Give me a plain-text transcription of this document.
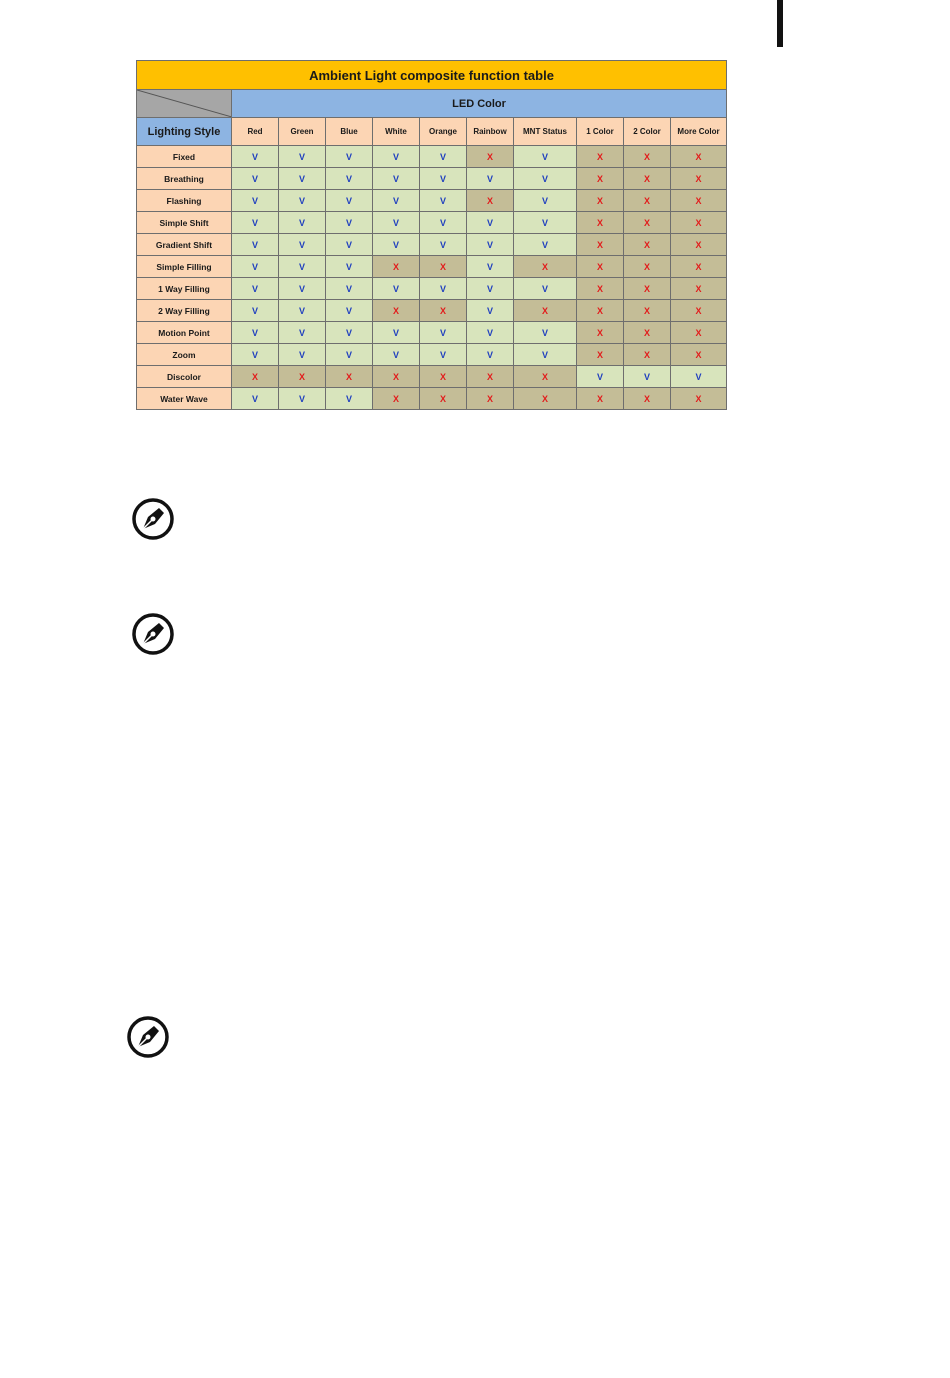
Ambient Light composite function table										

	LED Color									
Lighting Style	Red	Green	Blue	White	Orange	Rainbow	MNT Status	1 Color	2 Color	More Color
Fixed	V	V	V	V	V	X	V	X	X	X
Breathing	V	V	V	V	V	V	V	X	X	X
Flashing	V	V	V	V	V	X	V	X	X	X
Simple Shift	V	V	V	V	V	V	V	X	X	X
Gradient Shift	V	V	V	V	V	V	V	X	X	X
Simple Filling	V	V	V	X	X	V	X	X	X	X
1 Way Filling	V	V	V	V	V	V	V	X	X	X
2 Way Filling	V	V	V	X	X	V	X	X	X	X
Motion Point	V	V	V	V	V	V	V	X	X	X
Zoom	V	V	V	V	V	V	V	X	X	X
Discolor	X	X	X	X	X	X	X	V	V	V
Water Wave	V	V	V	X	X	X	X	X	X	X
